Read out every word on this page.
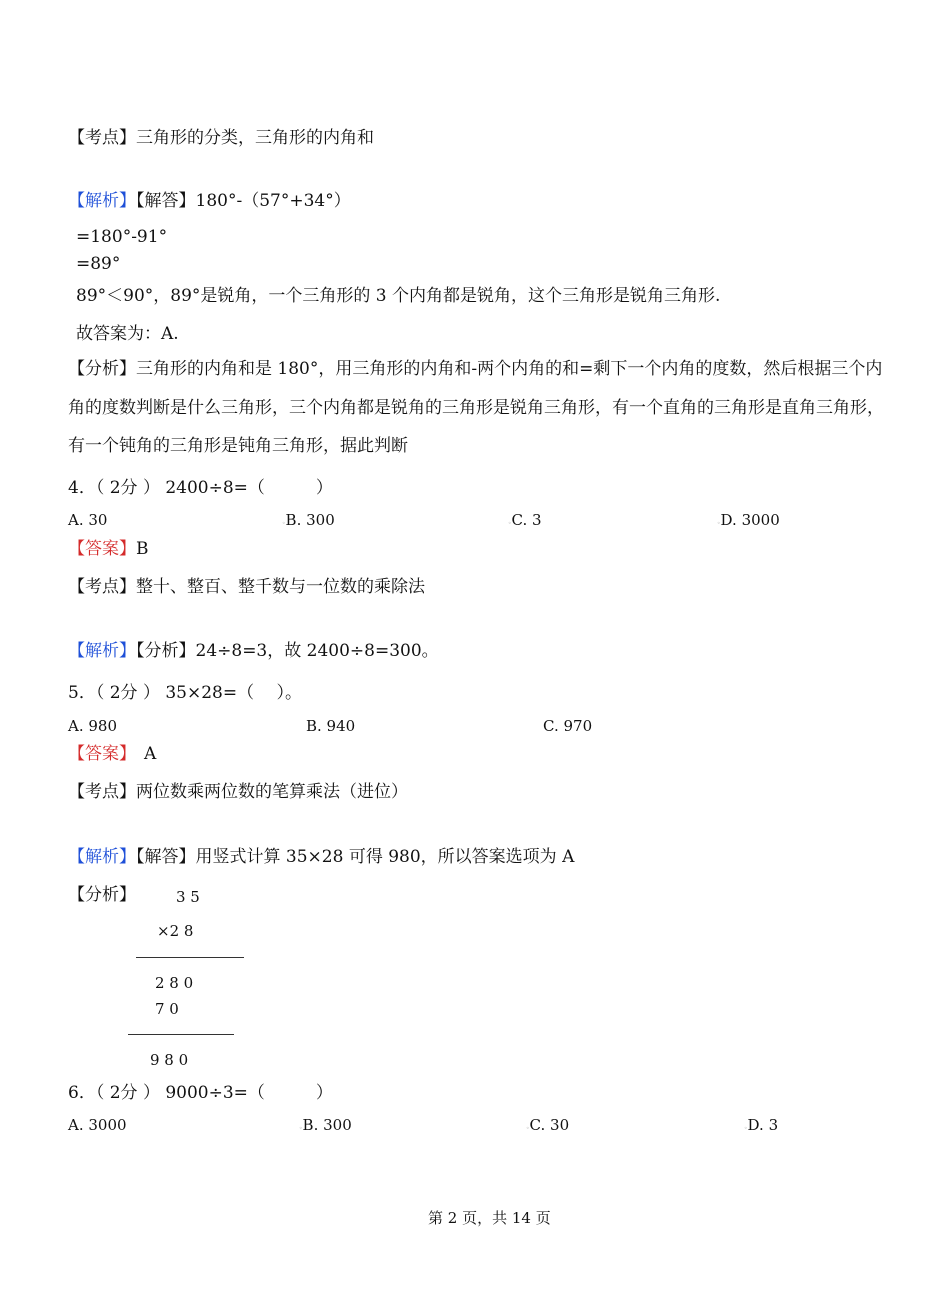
【考点】三角形的分类，三角形的内角和
【解析】【解答】180°-（57°+34°）
=180°-91°
=89°
89°＜90°，89°是锐角，一个三角形的 3 个内角都是锐角，这个三角形是锐角三角形.
故答案为：A.
【分析】三角形的内角和是 180°，用三角形的内角和-两个内角的和=剩下一个内角的度数，然后根据三个内
角的度数判断是什么三角形，三个内角都是锐角的三角形是锐角三角形，有一个直角的三角形是直角三角形，
有一个钝角的三角形是钝角三角形，据此判断
4．（ 2分 ） 2400÷8=（　　　）
A. 30	◦B. 300	◦C. 3	◦D. 3000
【答案】B
【考点】整十、整百、整千数与一位数的乘除法
【解析】【分析】24÷8=3，故 2400÷8=300。
5．（ 2分 ） 35×28=（　 ）。
A. 980	B. 940	C. 970
【答案】 A
【考点】两位数乘两位数的笔算乘法（进位）
【解析】【解答】用竖式计算 35×28 可得 980，所以答案选项为 A
【分析】	3 5
×2 8
2 8 0
7 0
9 8 0
6．（ 2分 ） 9000÷3=（　　　）
A. 3000	◦B. 300	◦C. 30	◦D. 3
第 2 页，共 14 页
